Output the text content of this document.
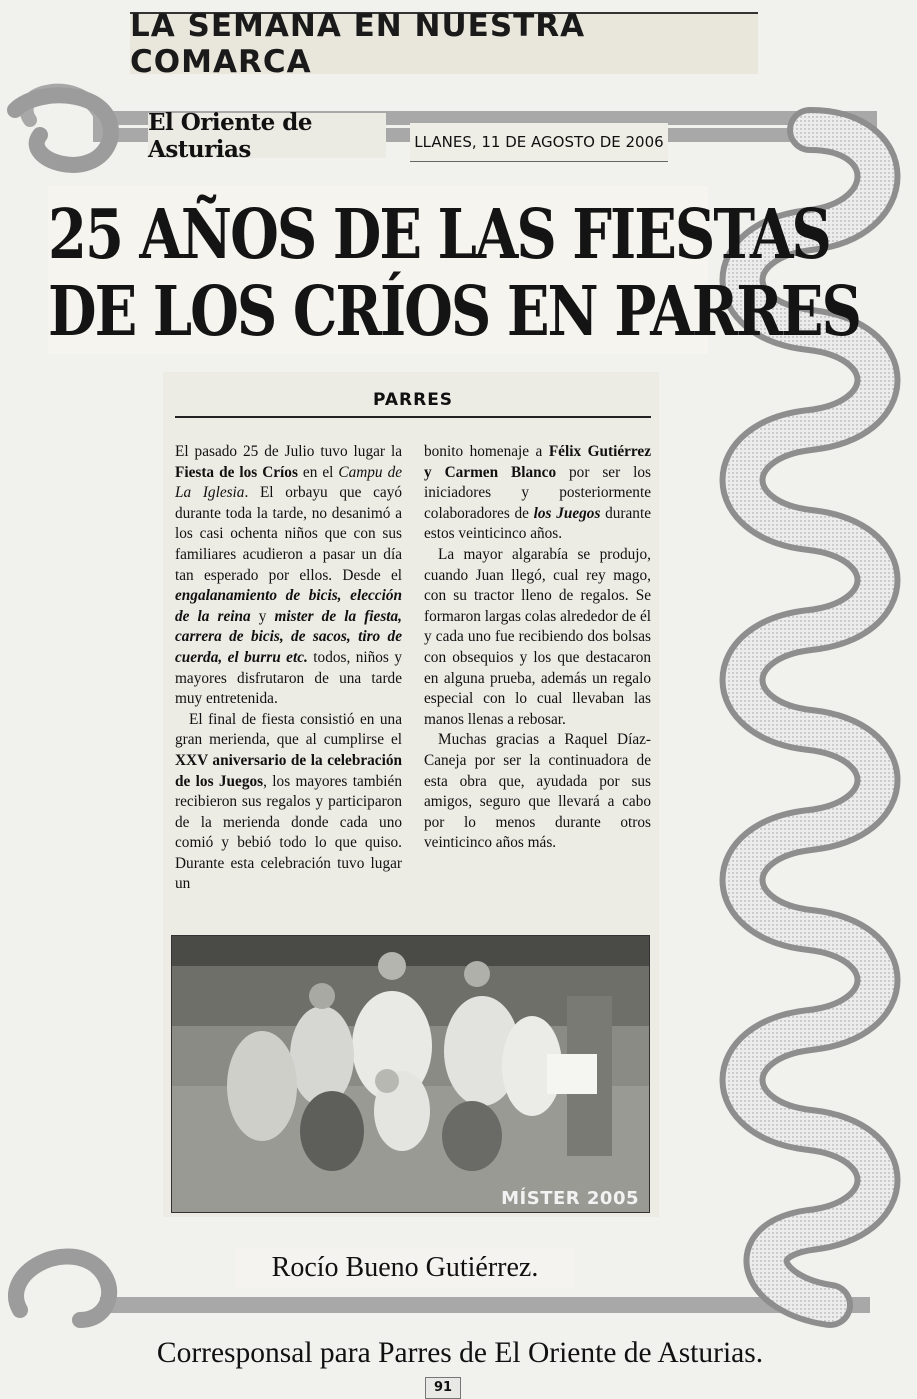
LA SEMANA EN NUESTRA COMARCA
El Oriente de Asturias	LLANES, 11 DE AGOSTO DE 2006
25 AÑOS DE LAS FIESTAS
DE LOS CRÍOS EN PARRES
PARRES

El pasado 25 de Julio tuvo lugar la Fiesta de los Críos en el Campu de La Iglesia. El orbayu que cayó durante toda la tarde, no desanimó a los casi ochenta niños que con sus familiares acudieron a pasar un día tan esperado por ellos. Desde el engalanamiento de bicis, elección de la reina y mister de la fiesta, carrera de bicis, de sacos, tiro de cuerda, el burru etc. todos, niños y mayores disfrutaron de una tarde muy entretenida.

El final de fiesta consistió en una gran merienda, que al cumplirse el XXV aniversario de la celebración de los Juegos, los mayores también recibieron sus regalos y participaron de la merienda donde cada uno comió y bebió todo lo que quiso. Durante esta celebración tuvo lugar un

bonito homenaje a Félix Gutiérrez y Carmen Blanco por ser los iniciadores y posteriormente colaboradores de los Juegos durante estos veinticinco años.

La mayor algarabía se produjo, cuando Juan llegó, cual rey mago, con su tractor lleno de regalos. Se formaron largas colas alrededor de él y cada uno fue recibiendo dos bolsas con obsequios y los que destacaron en alguna prueba, además un regalo especial con lo cual llevaban las manos llenas a rebosar.

Muchas gracias a Raquel Díaz-Caneja por ser la continuadora de esta obra que, ayudada por sus amigos, seguro que llevará a cabo por lo menos durante otros veinticinco años más.

MÍSTER 2005
Rocío Bueno Gutiérrez.
Corresponsal para Parres de El Oriente de Asturias.
91
